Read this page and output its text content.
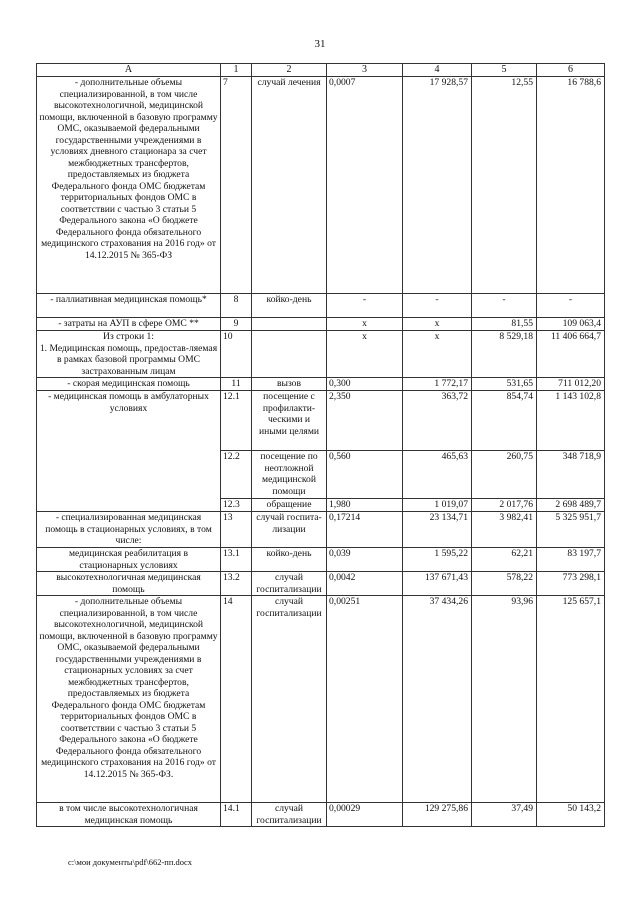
31
А	1	2	3	4	5	6
- дополнительные объемы специализированной, в том числе высокотехнологичной, медицинской помощи, включенной в базовую программу ОМС, оказываемой федеральными государственными учреждениями в условиях дневного стационара за счет межбюджетных трансфертов, предоставляемых из бюджета Федерального фонда ОМС бюджетам территориальных фондов ОМС в соответствии с частью 3 статьи 5 Федерального закона «О бюджете Федерального фонда обязательного медицинского страхования на 2016 год» от 14.12.2015 № 365-ФЗ	7	случай лечения	0,0007	17 928,57	12,55	16 788,6
- паллиативная медицинская помощь*	8	койко-день	-	-	-	-
- затраты на АУП в сфере ОМС **	9		х	х	81,55	109 063,4
Из строки 1:
1. Медицинская помощь, предостав-ляемая в рамках базовой программы ОМС застрахованным лицам	10		х	х	8 529,18	11 406 664,7
- скорая медицинская помощь	11	вызов	0,300	1 772,17	531,65	711 012,20
- медицинская помощь в амбулаторных условиях	12.1	посещение с профилакти-ческими и иными целями	2,350	363,72	854,74	1 143 102,8
	12.2	посещение по неотложной медицинской помощи	0,560	465,63	260,75	348 718,9
	12.3	обращение	1,980	1 019,07	2 017,76	2 698 489,7
- специализированная медицинская помощь в стационарных условиях, в том числе:	13	случай госпита-лизации	0,17214	23 134,71	3 982,41	5 325 951,7
медицинская реабилитация в стационарных условиях	13.1	койко-день	0,039	1 595,22	62,21	83 197,7
высокотехнологичная медицинская помощь	13.2	случай госпитализации	0,0042	137 671,43	578,22	773 298,1
- дополнительные объемы специализированной, в том числе высокотехнологичной, медицинской помощи, включенной в базовую программу ОМС, оказываемой федеральными государственными учреждениями в стационарных условиях за счет межбюджетных трансфертов, предоставляемых из бюджета Федерального фонда ОМС бюджетам территориальных фондов ОМС в соответствии с частью 3 статьи 5 Федерального закона «О бюджете Федерального фонда обязательного медицинского страхования на 2016 год» от 14.12.2015 № 365-ФЗ.	14	случай госпитализации	0,00251	37 434,26	93,96	125 657,1
в том числе высокотехнологичная медицинская помощь	14.1	случай госпитализации	0,00029	129 275,86	37,49	50 143,2
c:\мои документы\pdf\662-пп.docx
